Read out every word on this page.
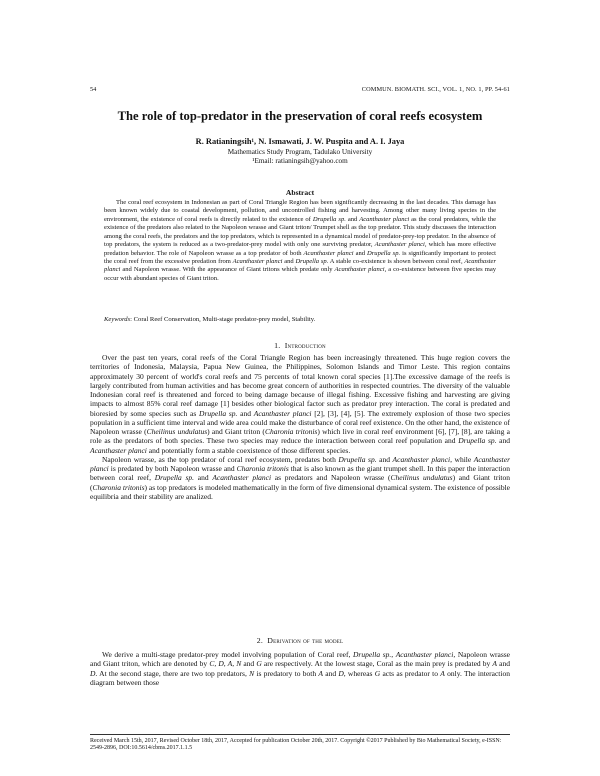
54	COMMUN. BIOMATH. SCI., VOL. 1, NO. 1, PP. 54-61
The role of top-predator in the preservation of coral reefs ecosystem
R. Ratianingsih¹, N. Ismawati, J. W. Puspita and A. I. Jaya
Mathematics Study Program, Tadulako University
¹Email: ratianingsih@yahoo.com
Abstract
The coral reef ecosystem in Indonesian as part of Coral Triangle Region has been significantly decreasing in the last decades. This damage has been known widely due to coastal development, pollution, and uncontrolled fishing and harvesting. Among other many living species in the environment, the existence of coral reefs is directly related to the existence of Drupella sp. and Acanthaster planci as the coral predators, while the existence of the predators also related to the Napoleon wrasse and Giant triton/ Trumpet shell as the top predator. This study discusses the interaction among the coral reefs, the predators and the top predators, which is represented in a dynamical model of predator-prey-top predator. In the absence of top predators, the system is reduced as a two-predator-prey model with only one surviving predator, Acanthaster planci, which has more effective predation behavior. The role of Napoleon wrasse as a top predator of both Acanthaster planci and Drupella sp. is significantly important to protect the coral reef from the excessive predation from Acanthaster planci and Drupella sp. A stable co-existence is shown between coral reef, Acanthaster planci and Napoleon wrasse. With the appearance of Giant tritons which predate only Acanthaster planci, a co-existence between five species may occur with abundant species of Giant triton.
Keywords: Coral Reef Conservation, Multi-stage predator-prey model, Stability.
1. Introduction

Over the past ten years, coral reefs of the Coral Triangle Region has been increasingly threatened. This huge region covers the territories of Indonesia, Malaysia, Papua New Guinea, the Philippines, Solomon Islands and Timor Leste. This region contains approximately 30 percent of world's coral reefs and 75 percents of total known coral species [1].The excessive damage of the reefs is largely contributed from human activities and has become great concern of authorities in respected countries. The diversity of the valuable Indonesian coral reef is threatened and forced to being damage because of illegal fishing. Excessive fishing and harvesting are giving impacts to almost 85% coral reef damage [1] besides other biological factor such as predator prey interaction. The coral is predated and bioresied by some species such as Drupella sp. and Acanthaster planci [2], [3], [4], [5]. The extremely explosion of those two species population in a sufficient time interval and wide area could make the disturbance of coral reef existence. On the other hand, the existence of Napoleon wrasse (Cheilinus undulatus) and Giant triton (Charonia tritonis) which live in coral reef environment [6], [7], [8], are taking a role as the predators of both species. These two species may reduce the interaction between coral reef population and Drupella sp. and Acanthaster planci and potentially form a stable coexistence of those different species.

Napoleon wrasse, as the top predator of coral reef ecosystem, predates both Drupella sp. and Acanthaster planci, while Acanthaster planci is predated by both Napoleon wrasse and Charonia tritonis that is also known as the giant trumpet shell. In this paper the interaction between coral reef, Drupella sp. and Acanthaster planci as predators and Napoleon wrasse (Cheilinus undulatus) and Giant triton (Charonia tritonis) as top predators is modeled mathematically in the form of five dimensional dynamical system. The existence of possible equilibria and their stability are analized.

2. Derivation of the model

We derive a multi-stage predator-prey model involving population of Coral reef, Drupella sp., Acanthaster planci, Napoleon wrasse and Giant triton, which are denoted by C, D, A, N and G are respectively. At the lowest stage, Coral as the main prey is predated by A and D. At the second stage, there are two top predators, N is predatory to both A and D, whereas G acts as predator to A only. The interaction diagram between those

Received March 15th, 2017, Revised October 18th, 2017, Accepted for publication October 20th, 2017. Copyright ©2017 Published by Bio Mathematical Society, e-ISSN: 2549-2896, DOI:10.5614/cbms.2017.1.1.5
